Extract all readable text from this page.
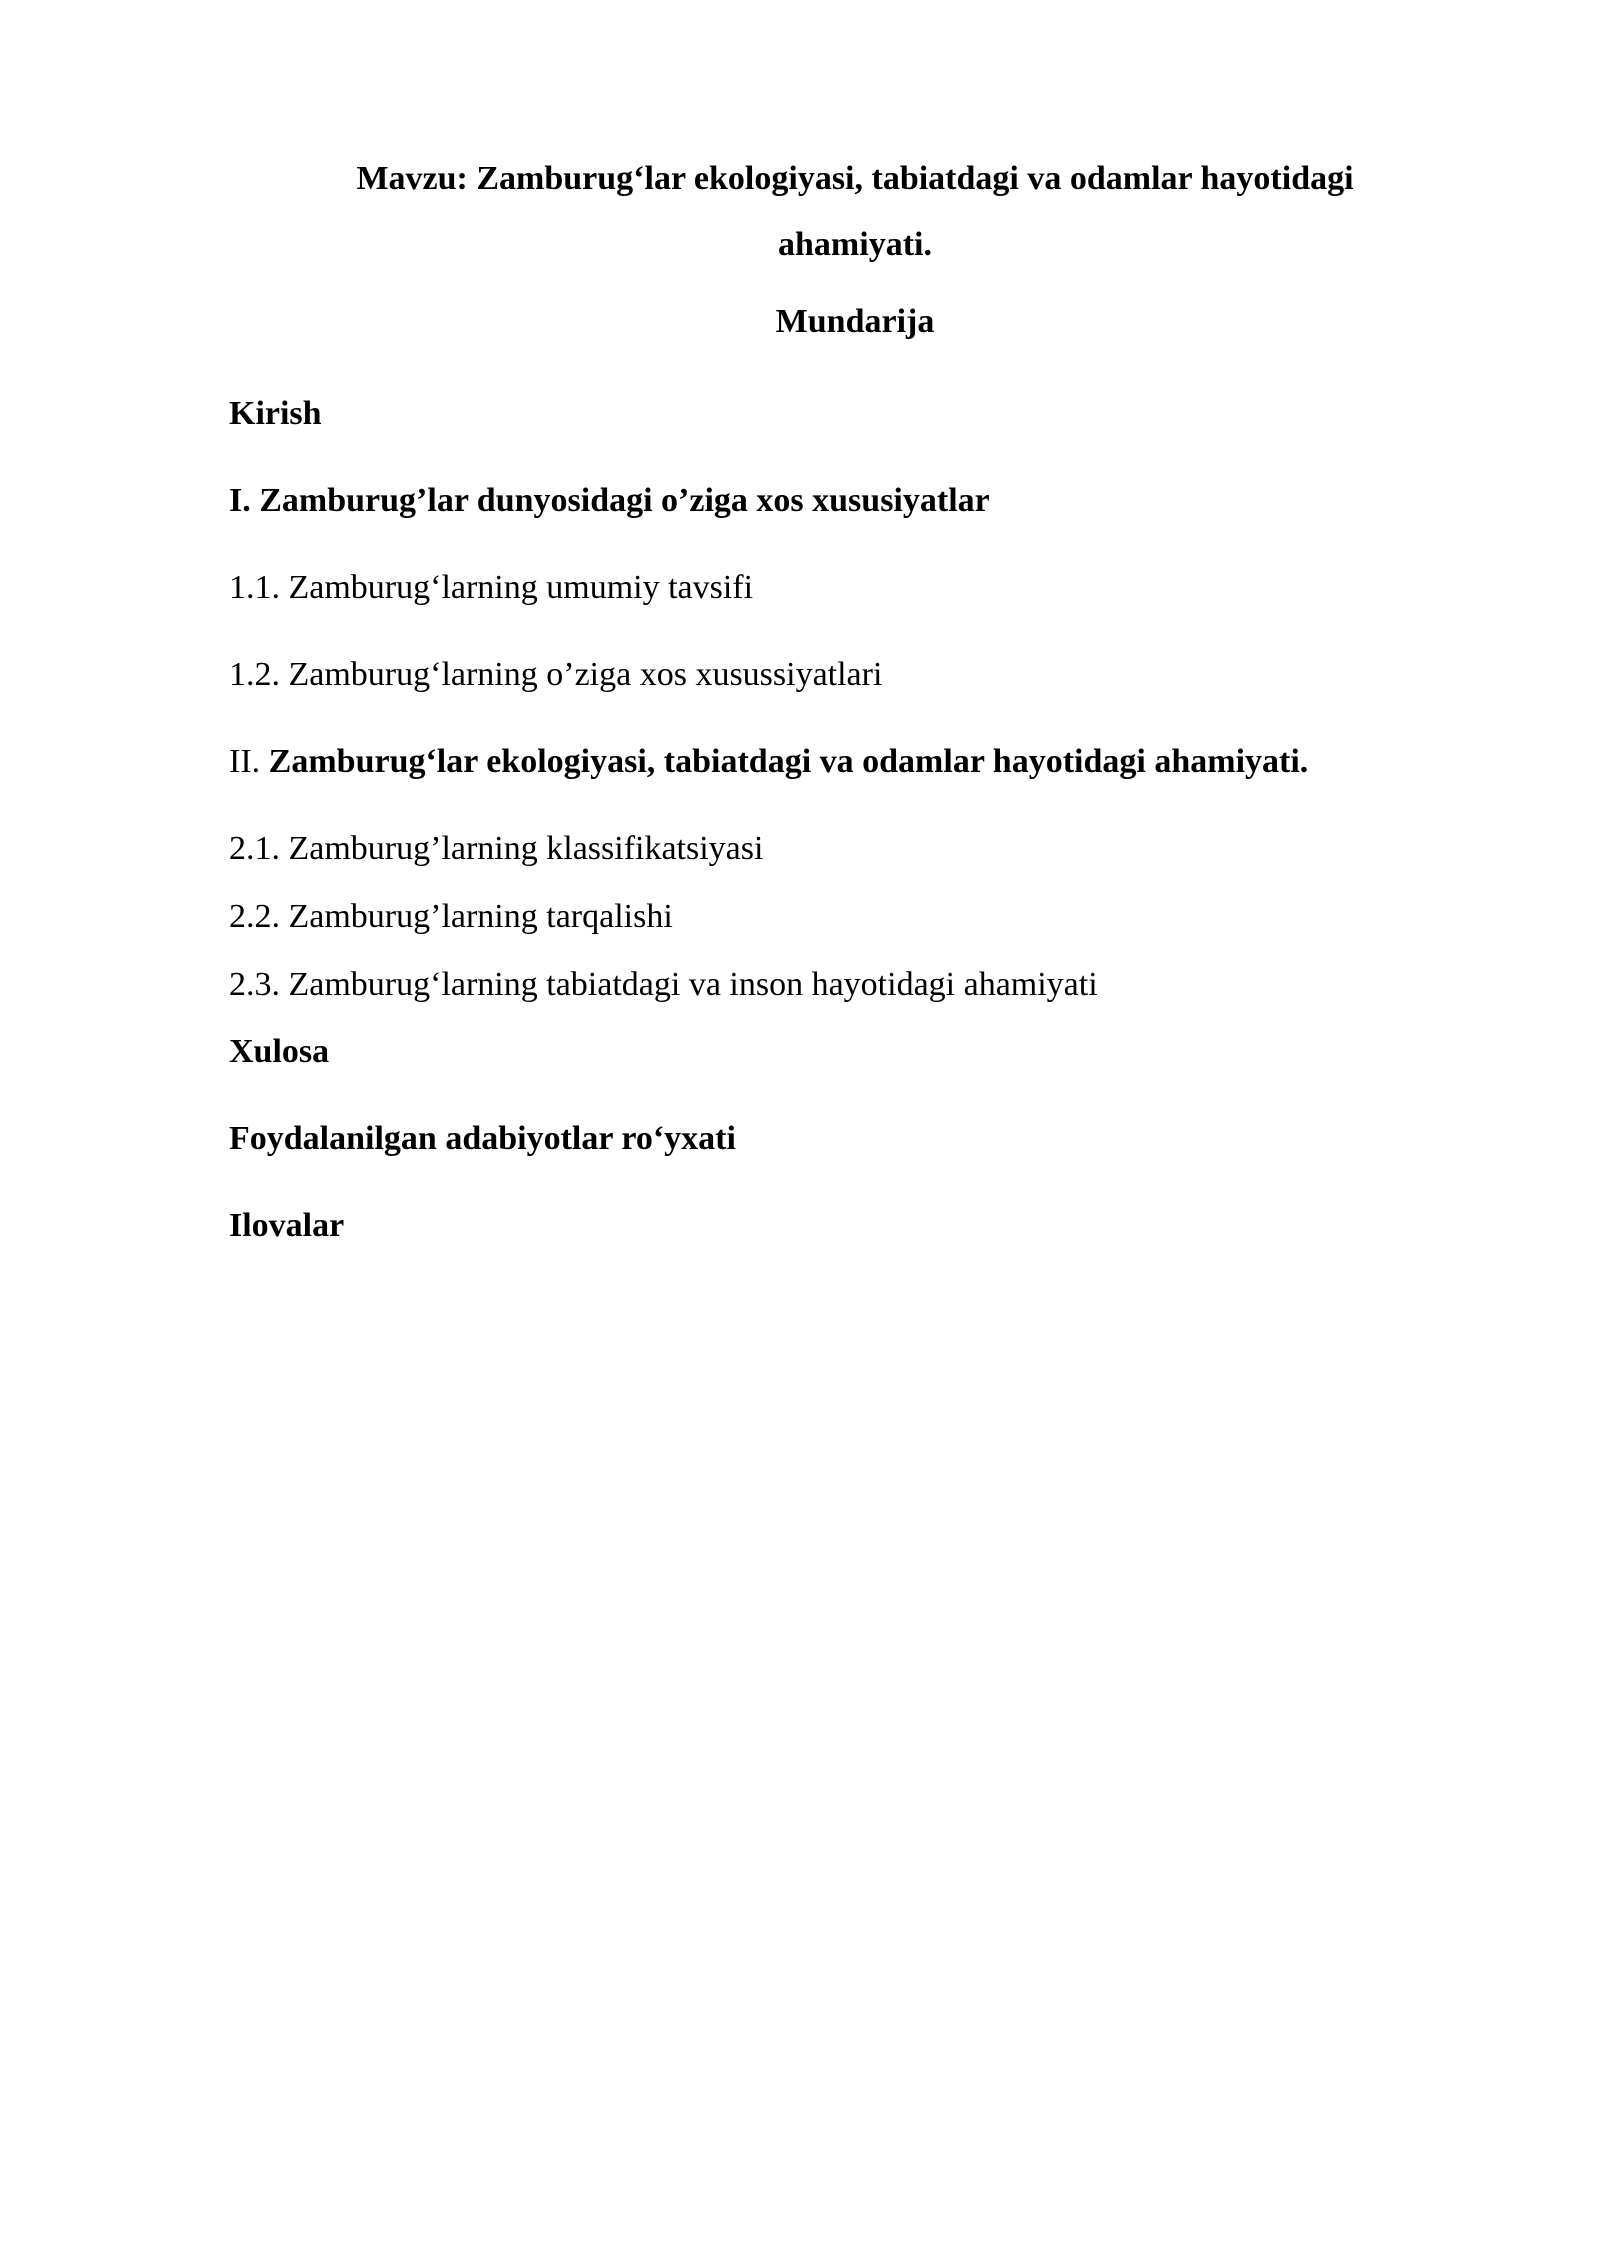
Mavzu: Zamburug‘lar ekologiyasi, tabiatdagi va odamlar hayotidagi
ahamiyati.
Mundarija
Kirish
I. Zamburug’lar dunyosidagi o’ziga xos xususiyatlar
1.1. Zamburug‘larning umumiy tavsifi
1.2. Zamburug‘larning o’ziga xos xusussiyatlari
II. Zamburug‘lar ekologiyasi, tabiatdagi va odamlar hayotidagi ahamiyati.
2.1. Zamburug’larning klassifikatsiyasi
2.2. Zamburug’larning tarqalishi
2.3. Zamburug‘larning tabiatdagi va inson hayotidagi ahamiyati
Xulosa
Foydalanilgan adabiyotlar ro‘yxati
Ilovalar
